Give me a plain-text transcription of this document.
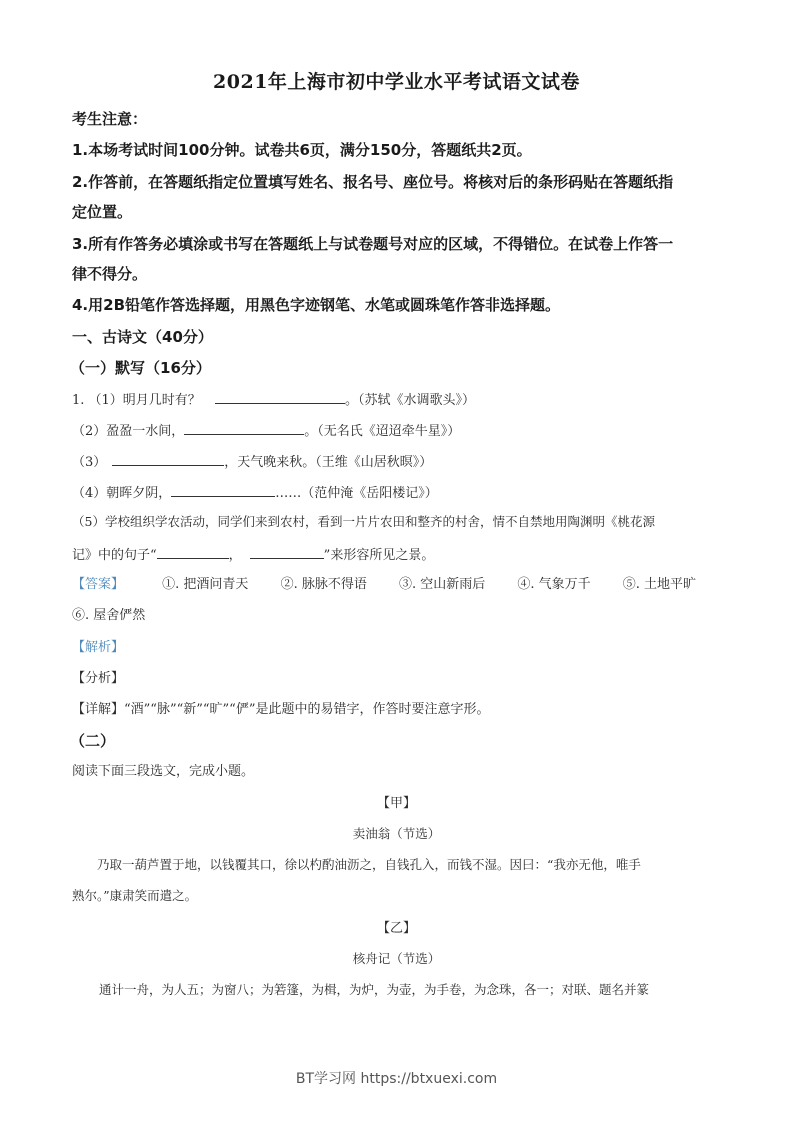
2021年上海市初中学业水平考试语文试卷
考生注意：
1.本场考试时间100分钟。试卷共6页，满分150分，答题纸共2页。
2.作答前，在答题纸指定位置填写姓名、报名号、座位号。将核对后的条形码贴在答题纸指
定位置。
3.所有作答务必填涂或书写在答题纸上与试卷题号对应的区域，不得错位。在试卷上作答一
律不得分。
4.用2B铅笔作答选择题，用黑色字迹钢笔、水笔或圆珠笔作答非选择题。
一、古诗文（40分）
（一）默写（16分）
1. （1）明月几时有？	。（苏轼《水调歌头》）
（2）盈盈一水间，	。（无名氏《迢迢牵牛星》）
（3）	，天气晚来秋。（王维《山居秋暝》）
（4）朝晖夕阴，	……（范仲淹《岳阳楼记》）
（5）学校组织学农活动，同学们来到农村，看到一片片农田和整齐的村舍，情不自禁地用陶渊明《桃花源
记》中的句子“	，	”来形容所见之景。
【答案】	①. 把酒问青天 ②. 脉脉不得语 ③. 空山新雨后 ④. 气象万千 ⑤. 土地平旷
⑥. 屋舍俨然
【解析】
【分析】
【详解】“酒”“脉”“新”“旷”“俨”是此题中的易错字，作答时要注意字形。
（二）
阅读下面三段选文，完成小题。
【甲】
卖油翁（节选）
乃取一葫芦置于地，以钱覆其口，徐以杓酌油沥之，自钱孔入，而钱不湿。因曰：“我亦无他，唯手
熟尔。”康肃笑而遣之。
【乙】
核舟记（节选）
通计一舟，为人五；为窗八；为箬篷，为楫，为炉，为壶，为手卷，为念珠，各一；对联、题名并篆
BT学习网 https://btxuexi.com
